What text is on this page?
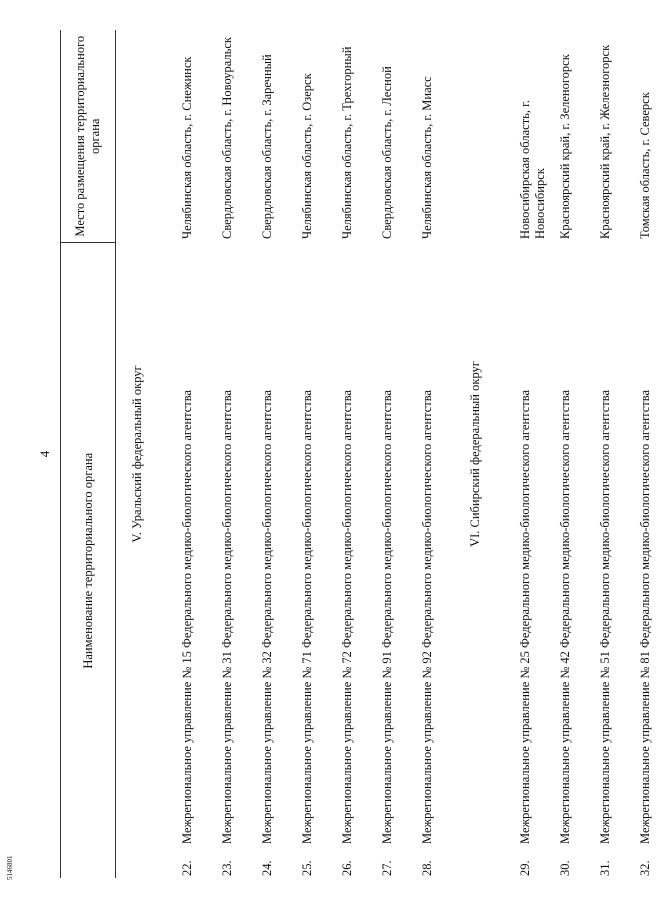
4 Наименование территориального органа		Место размещения территориального органа
V. Уральский федеральный округ		
22.	Межрегиональное управление № 15 Федерального медико-биологического агентства	Челябинская область, г. Снежинск
23.	Межрегиональное управление № 31 Федерального медико-биологического агентства	Свердловская область, г. Новоуральск
24.	Межрегиональное управление № 32 Федерального медико-биологического агентства	Свердловская область, г. Заречный
25.	Межрегиональное управление № 71 Федерального медико-биологического агентства	Челябинская область, г. Озерск
26.	Межрегиональное управление № 72 Федерального медико-биологического агентства	Челябинская область, г. Трехгорный
27.	Межрегиональное управление № 91 Федерального медико-биологического агентства	Свердловская область, г. Лесной
28.	Межрегиональное управление № 92 Федерального медико-биологического агентства	Челябинская область, г. Миасс
VI. Сибирский федеральный округ		
29.	Межрегиональное управление № 25 Федерального медико-биологического агентства	Новосибирская область, г. Новосибирск
30.	Межрегиональное управление № 42 Федерального медико-биологического агентства	Красноярский край, г. Зеленогорск
31.	Межрегиональное управление № 51 Федерального медико-биологического агентства	Красноярский край, г. Железногорск
32.	Межрегиональное управление № 81 Федерального медико-биологического агентства	Томская область, г. Северск
5146801
